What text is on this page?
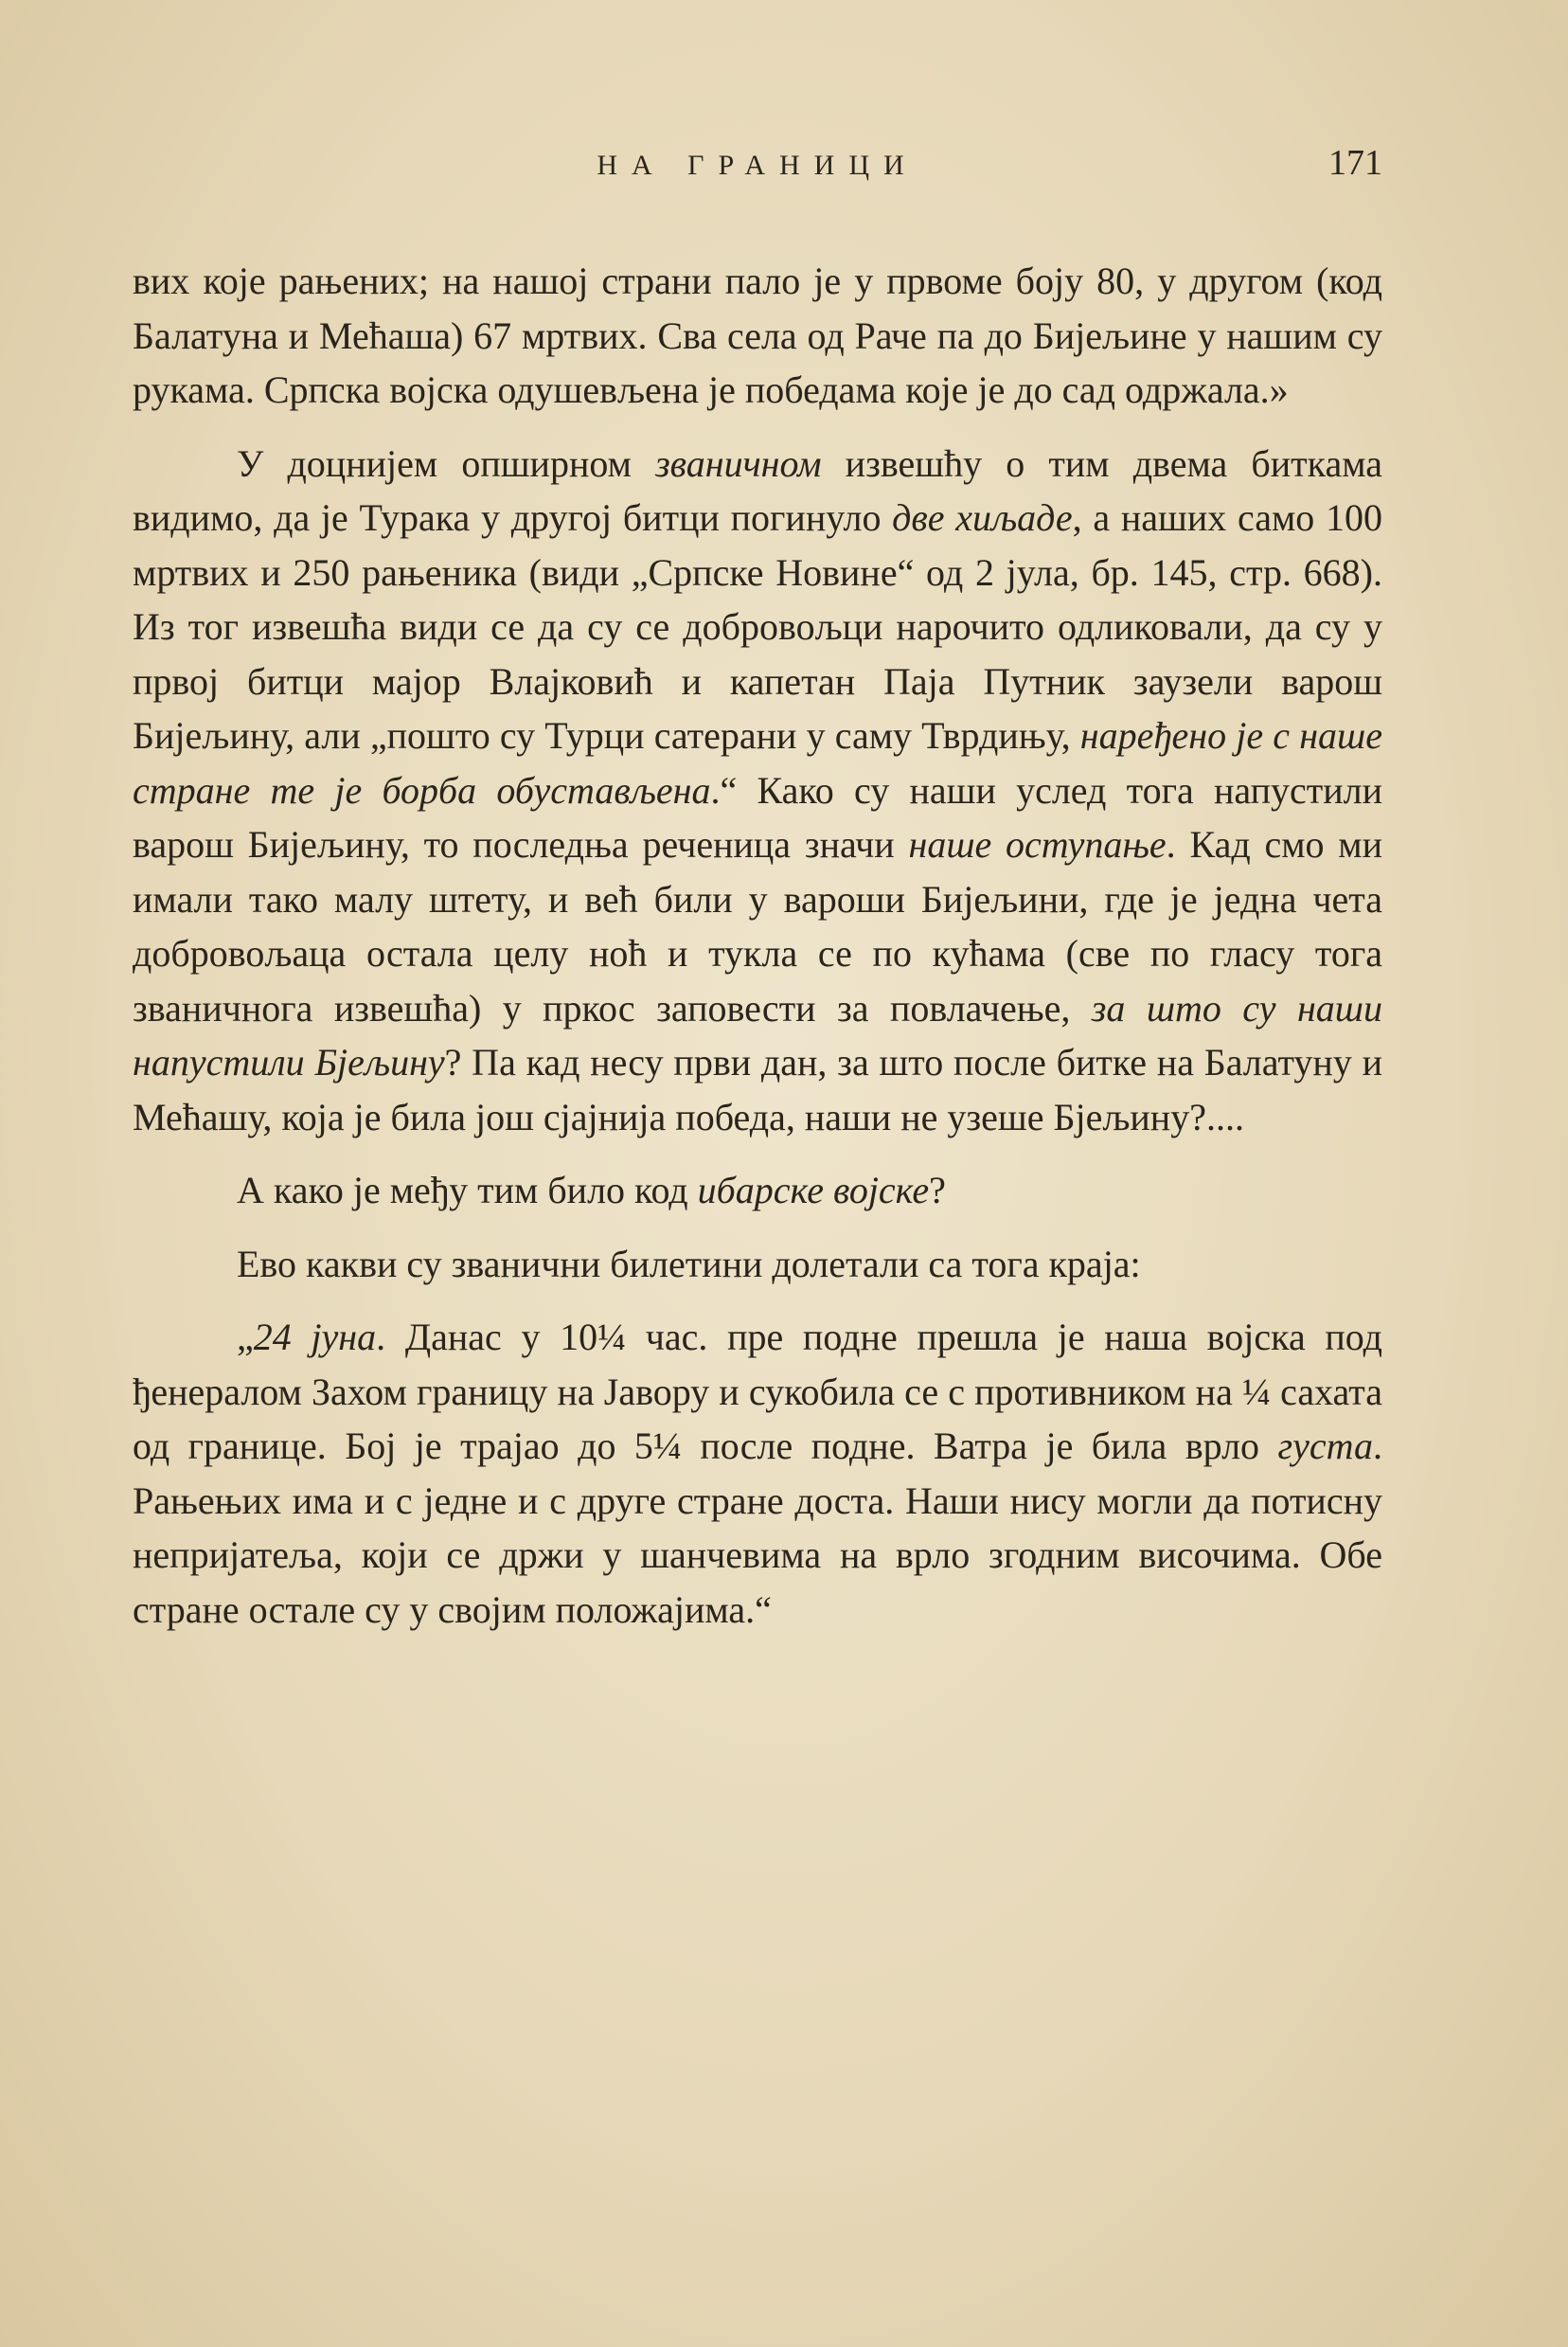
НА ГРАНИЦИ	171

вих које рањених; на нашој страни пало је у првоме боју 80, у другом (код Балатуна и Мећаша) 67 мртвих. Сва села од Раче па до Бијељине у нашим су рукама. Српска војска одушевљена је победама које је до сад одржала.»

У доцнијем опширном званичном извешћу о тим двема биткама видимо, да је Турака у другој битци погинуло две хиљаде, а наших само 100 мртвих и 250 рањеника (види „Српске Новине“ од 2 јула, бр. 145, стр. 668). Из тог извешћа види се да су се добровољци нарочито одликовали, да су у првој битци мајор Влајковић и капетан Паја Путник заузели варош Бијељину, али „пошто су Турци сатерани у саму Тврдињу, наређено је с наше стране те је борба обустављена.“ Како су наши услед тога напустили варош Бијељину, то последња реченица значи наше оступање. Кад смо ми имали тако малу штету, и већ били у вароши Бијељини, где је једна чета добровољаца остала целу ноћ и тукла се по кућама (све по гласу тога званичнога извешћа) у пркос заповести за повлачење, за што су наши напустили Бјељину? Па кад несу први дан, за што после битке на Балатуну и Мећашу, која је била још сјајнија победа, наши не узеше Бјељину?....

А како је међу тим било код ибарске војске?

Ево какви су званични билетини долетали са тога краја:

„24 јуна. Данас у 10¼ час. пре подне прешла је наша војска под ђенералом Захом границу на Јавору и сукобила се с противником на ¼ сахата од границе. Бој је трајао до 5¼ после подне. Ватра је била врло густа. Рањењих има и с једне и с друге стране доста. Наши нису могли да потисну непријатеља, који се држи у шанчевима на врло згодним височима. Обе стране остале су у својим положајима.“
